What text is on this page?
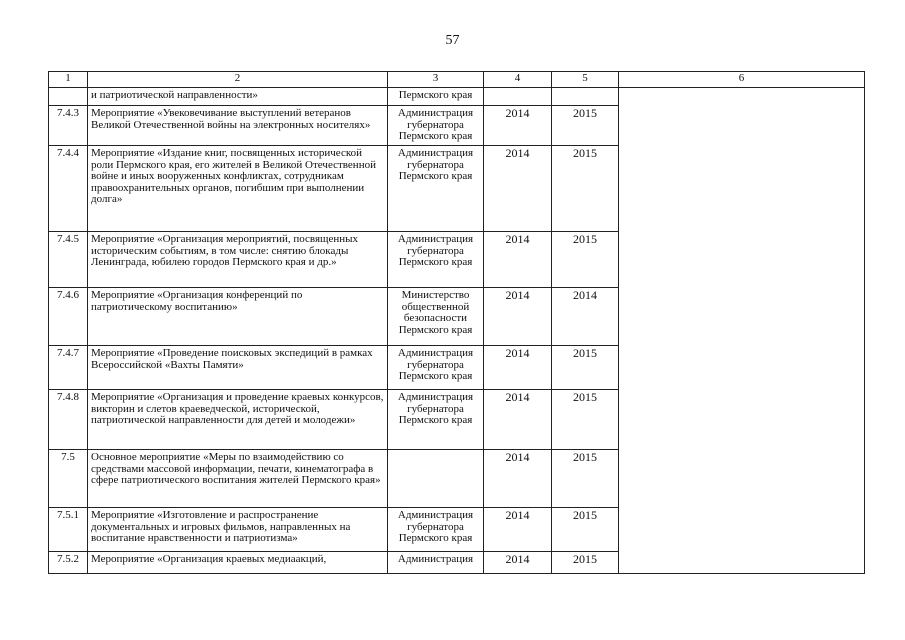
57
1	2	3	4	5	6
	и патриотической направленности»	Пермского края			
7.4.3	Мероприятие «Увековечивание выступлений ветеранов Великой Отечественной войны на электронных носителях»	Администрация губернатора Пермского края	2014	2015	
7.4.4	Мероприятие «Издание книг, посвященных исторической роли Пермского края, его жителей в Великой Отечественной войне и иных вооруженных конфликтах, сотрудникам правоохранительных органов, погибшим при выполнении долга»	Администрация губернатора Пермского края	2014	2015	
7.4.5	Мероприятие «Организация мероприятий, посвященных историческим событиям, в том числе: снятию блокады Ленинграда, юбилею городов Пермского края и др.»	Администрация губернатора Пермского края	2014	2015	
7.4.6	Мероприятие «Организация конференций по патриотическому воспитанию»	Министерство общественной безопасности Пермского края	2014	2014	
7.4.7	Мероприятие «Проведение поисковых экспедиций в рамках Всероссийской «Вахты Памяти»	Администрация губернатора Пермского края	2014	2015	
7.4.8	Мероприятие «Организация и проведение краевых конкурсов, викторин и слетов краеведческой, исторической, патриотической направленности для детей и молодежи»	Администрация губернатора Пермского края	2014	2015	
7.5	Основное мероприятие «Меры по взаимодействию со средствами массовой информации, печати, кинематографа в сфере патриотического воспитания жителей Пермского края»		2014	2015	
7.5.1	Мероприятие «Изготовление и распространение документальных и игровых фильмов, направленных на воспитание нравственности и патриотизма»	Администрация губернатора Пермского края	2014	2015	
7.5.2	Мероприятие «Организация краевых медиаакций,	Администрация	2014	2015	
